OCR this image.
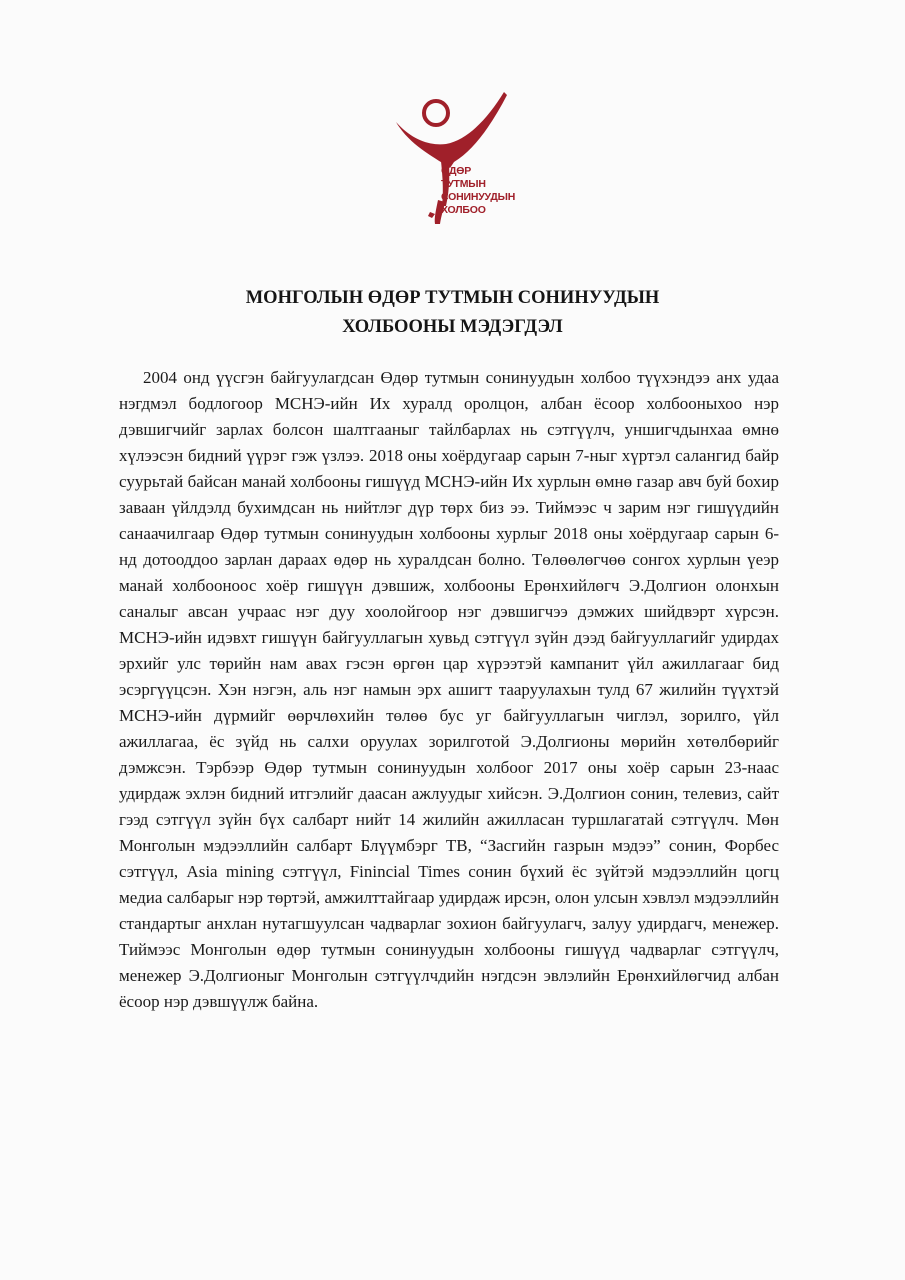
ӨДӨР
ТУТМЫН
СОНИНУУДЫН
ХОЛБОО
МОНГОЛЫН ӨДӨР ТУТМЫН СОНИНУУДЫН
ХОЛБООНЫ МЭДЭГДЭЛ

2004 онд үүсгэн байгуулагдсан Өдөр тутмын сонинуудын холбоо түүхэндээ анх удаа нэгдмэл бодлогоор МСНЭ-ийн Их хуралд оролцон, албан ёсоор холбооныхоо нэр дэвшигчийг зарлах болсон шалтгааныг тайлбарлах нь сэтгүүлч, уншигчдынхаа өмнө хүлээсэн бидний үүрэг гэж үзлээ. 2018 оны хоёрдугаар сарын 7-ныг хүртэл салангид байр суурьтай байсан манай холбооны гишүүд МСНЭ-ийн Их хурлын өмнө газар авч буй бохир заваан үйлдэлд бухимдсан нь нийтлэг дүр төрх биз ээ. Тиймээс ч зарим нэг гишүүдийн санаачилгаар Өдөр тутмын сонинуудын холбооны хурлыг 2018 оны хоёрдугаар сарын 6-нд дотооддоо зарлан дараах өдөр нь хуралдсан болно. Төлөөлөгчөө сонгох хурлын үеэр манай холбооноос хоёр гишүүн дэвшиж, холбооны Ерөнхийлөгч Э.Долгион олонхын саналыг авсан учраас нэг дуу хоолойгоор нэг дэвшигчээ дэмжих шийдвэрт хүрсэн. МСНЭ-ийн идэвхт гишүүн байгууллагын хувьд сэтгүүл зүйн дээд байгууллагийг удирдах эрхийг улс төрийн нам авах гэсэн өргөн цар хүрээтэй кампанит үйл ажиллагааг бид эсэргүүцсэн. Хэн нэгэн, аль нэг намын эрх ашигт тааруулахын тулд 67 жилийн түүхтэй МСНЭ-ийн дүрмийг өөрчлөхийн төлөө бус уг байгууллагын чиглэл, зорилго, үйл ажиллагаа, ёс зүйд нь салхи оруулах зорилготой Э.Долгионы мөрийн хөтөлбөрийг дэмжсэн. Тэрбээр Өдөр тутмын сонинуудын холбоог 2017 оны хоёр сарын 23-наас удирдаж эхлэн бидний итгэлийг даасан ажлуудыг хийсэн. Э.Долгион сонин, телевиз, сайт гээд сэтгүүл зүйн бүх салбарт нийт 14 жилийн ажилласан туршлагатай сэтгүүлч. Мөн Монголын мэдээллийн салбарт Блүүмбэрг ТВ, “Засгийн газрын мэдээ” сонин, Форбес сэтгүүл, Asia mining сэтгүүл, Finincial Times сонин бүхий ёс зүйтэй мэдээллийн цогц медиа салбарыг нэр төртэй, амжилттайгаар удирдаж ирсэн, олон улсын хэвлэл мэдээллийн стандартыг анхлан нутагшуулсан чадварлаг зохион байгуулагч, залуу удирдагч, менежер. Тиймээс Монголын өдөр тутмын сонинуудын холбооны гишүүд чадварлаг сэтгүүлч, менежер Э.Долгионыг Монголын сэтгүүлчдийн нэгдсэн эвлэлийн Ерөнхийлөгчид албан ёсоор нэр дэвшүүлж байна.
